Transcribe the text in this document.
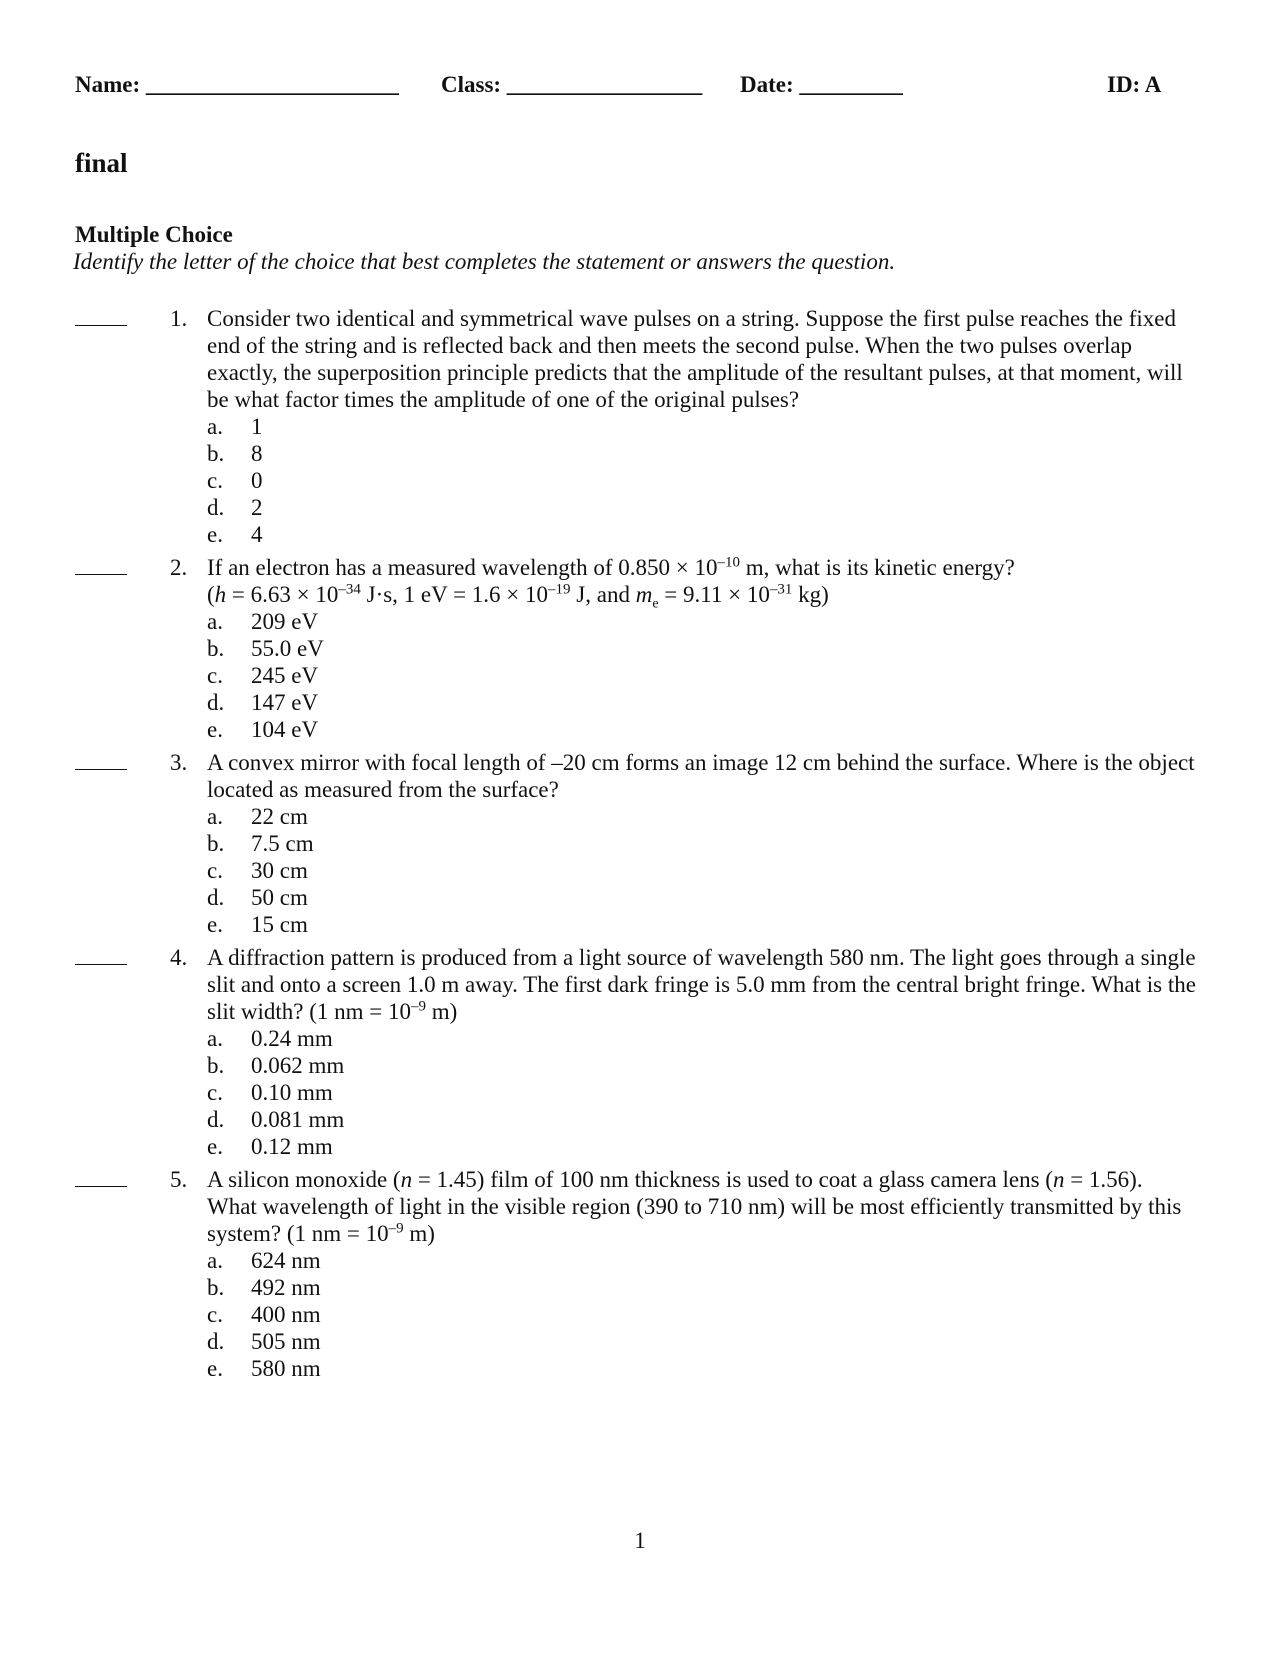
Name: ______________________ Class: _________________ Date: _________	ID: A
final
Multiple Choice
Identify the letter of the choice that best completes the statement or answers the question.
1. Consider two identical and symmetrical wave pulses on a string. Suppose the first pulse reaches the fixed end of the string and is reflected back and then meets the second pulse. When the two pulses overlap exactly, the superposition principle predicts that the amplitude of the resultant pulses, at that moment, will be what factor times the amplitude of one of the original pulses?
a.	1
b.	8
c.	0
d.	2
e.	4
2. If an electron has a measured wavelength of $0.850 \times 10^{-10}$ m, what is its kinetic energy?
($h = 6.63 \times 10^{-34}$ J·s, 1 eV = $1.6 \times 10^{-19}$ J, and $m_e = 9.11 \times 10^{-31}$ kg)
a.	209 eV
b.	55.0 eV
c.	245 eV
d.	147 eV
e.	104 eV
3. A convex mirror with focal length of –20 cm forms an image 12 cm behind the surface. Where is the object located as measured from the surface?
a.	22 cm
b.	7.5 cm
c.	30 cm
d.	50 cm
e.	15 cm
4. A diffraction pattern is produced from a light source of wavelength 580 nm. The light goes through a single slit and onto a screen 1.0 m away. The first dark fringe is 5.0 mm from the central bright fringe. What is the slit width? (1 nm = $10^{-9}$ m)
a.	0.24 mm
b.	0.062 mm
c.	0.10 mm
d.	0.081 mm
e.	0.12 mm
5. A silicon monoxide (n = 1.45) film of 100 nm thickness is used to coat a glass camera lens (n = 1.56). What wavelength of light in the visible region (390 to 710 nm) will be most efficiently transmitted by this system? (1 nm = $10^{-9}$ m)
a.	624 nm
b.	492 nm
c.	400 nm
d.	505 nm
e.	580 nm
1
